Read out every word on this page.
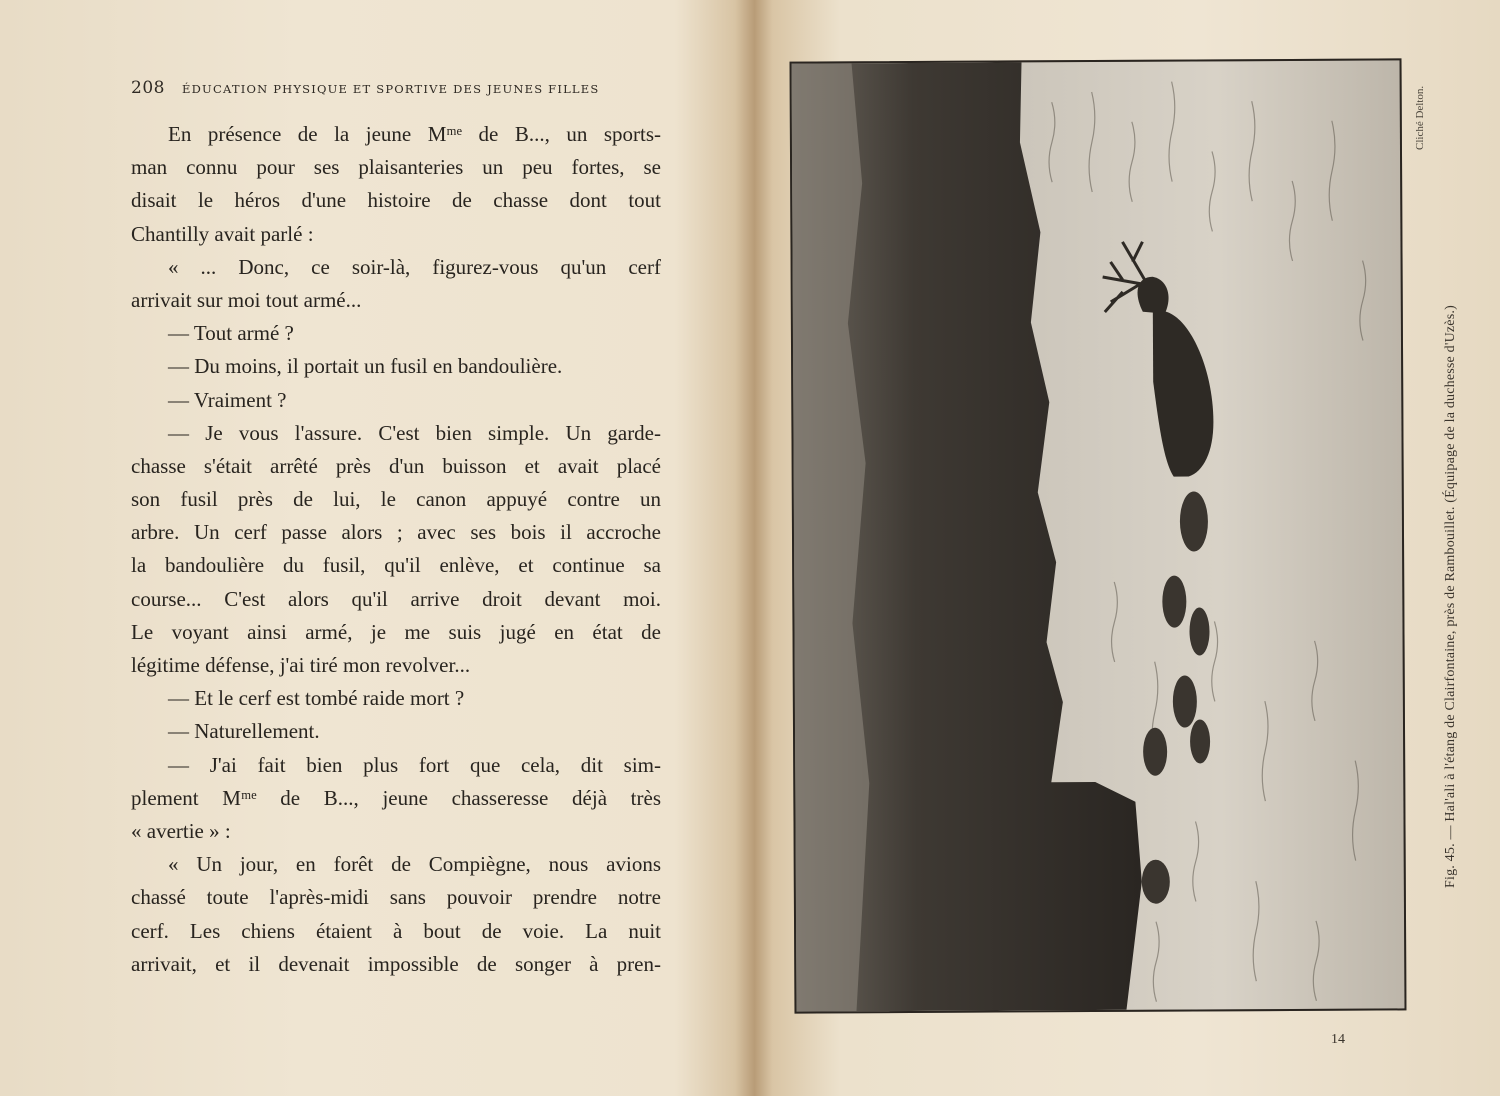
208 ÉDUCATION PHYSIQUE ET SPORTIVE DES JEUNES FILLES
En présence de la jeune Mᵐᵉ de B..., un sports-
man connu pour ses plaisanteries un peu fortes, se
disait le héros d'une histoire de chasse dont tout
Chantilly avait parlé :
« ... Donc, ce soir-là, figurez-vous qu'un cerf
arrivait sur moi tout armé...
— Tout armé ?
— Du moins, il portait un fusil en bandoulière.
— Vraiment ?
— Je vous l'assure. C'est bien simple. Un garde-
chasse s'était arrêté près d'un buisson et avait placé
son fusil près de lui, le canon appuyé contre un
arbre. Un cerf passe alors ; avec ses bois il accroche
la bandoulière du fusil, qu'il enlève, et continue sa
course... C'est alors qu'il arrive droit devant moi.
Le voyant ainsi armé, je me suis jugé en état de
légitime défense, j'ai tiré mon revolver...
— Et le cerf est tombé raide mort ?
— Naturellement.
— J'ai fait bien plus fort que cela, dit sim-
plement Mᵐᵉ de B..., jeune chasseresse déjà très
« avertie » :
« Un jour, en forêt de Compiègne, nous avions
chassé toute l'après-midi sans pouvoir prendre notre
cerf. Les chiens étaient à bout de voie. La nuit
arrivait, et il devenait impossible de songer à pren-
Fig. 45. — Hal'ali à l'étang de Clairfontaine, près de Rambouillet. (Équipage de la duchesse d'Uzès.)
Cliché Delton.
14
